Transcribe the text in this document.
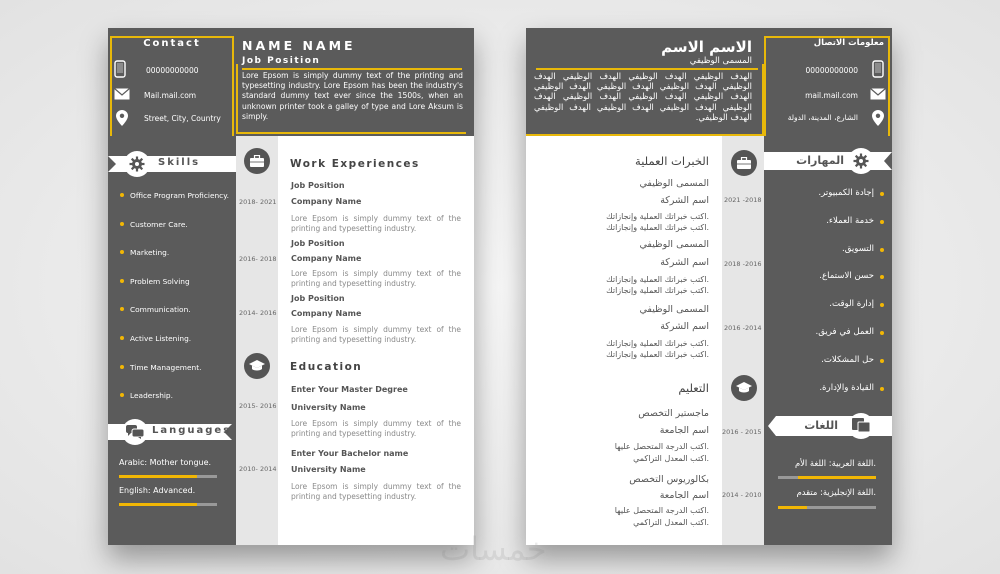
Contact
00000000000
Mail.mail.com
Street, City, Country
NAME NAME
Job Position
Lore Epsom is simply dummy text of the printing and typesetting industry. Lore Epsom has been the industry's standard dummy text ever since the 1500s, when an unknown printer took a galley of type and Lore Aksum is simply.
Skills
Office Program Proficiency.
Customer Care.
Marketing.
Problem Solving
Communication.
Active Listening.
Time Management.
Leadership.
Languages
Arabic: Mother tongue.
English: Advanced.
Work Experiences
2018- 2021
Job Position
Company Name
Lore Epsom is simply dummy text of the printing and typesetting industry.
2016- 2018
Job Position
Company Name
Lore Epsom is simply dummy text of the printing and typesetting industry.
2014- 2016
Job Position
Company Name
Lore Epsom is simply dummy text of the printing and typesetting industry.
Education
2015- 2016
Enter Your Master Degree
University Name
Lore Epsom is simply dummy text of the printing and typesetting industry.
2010- 2014
Enter Your Bachelor name
University Name
Lore Epsom is simply dummy text of the printing and typesetting industry.
الاسم الاسم
المسمى الوظيفي
الهدف الوظيفي الهدف الوظيفي الهدف الوظيفي الهدف الوظيفي الهدف الوظيفي الهدف الوظيفي الهدف الوظيفي الهدف الوظيفي الهدف الوظيفي الهدف الوظيفي الهدف الوظيفي الهدف الوظيفي الهدف الوظيفي الهدف الوظيفي الهدف الوظيفي.
معلومات الاتصال
00000000000
mail.mail.com
الشارع، المدينة، الدولة
المهارات
إجادة الكمبيوتر.
خدمة العملاء.
التسويق.
حسن الاستماع.
إدارة الوقت.
العمل في فريق.
حل المشكلات.
القيادة والإدارة.
اللغات
اللغة العربية: اللغة الأم.
اللغة الإنجليزية: متقدم.
الخبرات العملية
2021 -2018
المسمى الوظيفي
اسم الشركة
اكتب خبراتك العملية وإنجازاتك.
اكتب خبراتك العملية وإنجازاتك.
2018 -2016
المسمى الوظيفي
اسم الشركة
اكتب خبراتك العملية وإنجازاتك.
اكتب خبراتك العملية وإنجازاتك.
2016 -2014
المسمى الوظيفي
اسم الشركة
اكتب خبراتك العملية وإنجازاتك.
اكتب خبراتك العملية وإنجازاتك.
التعليم
2016 - 2015
ماجستير التخصص
اسم الجامعة
اكتب الدرجة المتحصل عليها.
اكتب المعدل التراكمي.
2014 - 2010
بكالوريوس التخصص
اسم الجامعة
اكتب الدرجة المتحصل عليها.
اكتب المعدل التراكمي.
خمسات
